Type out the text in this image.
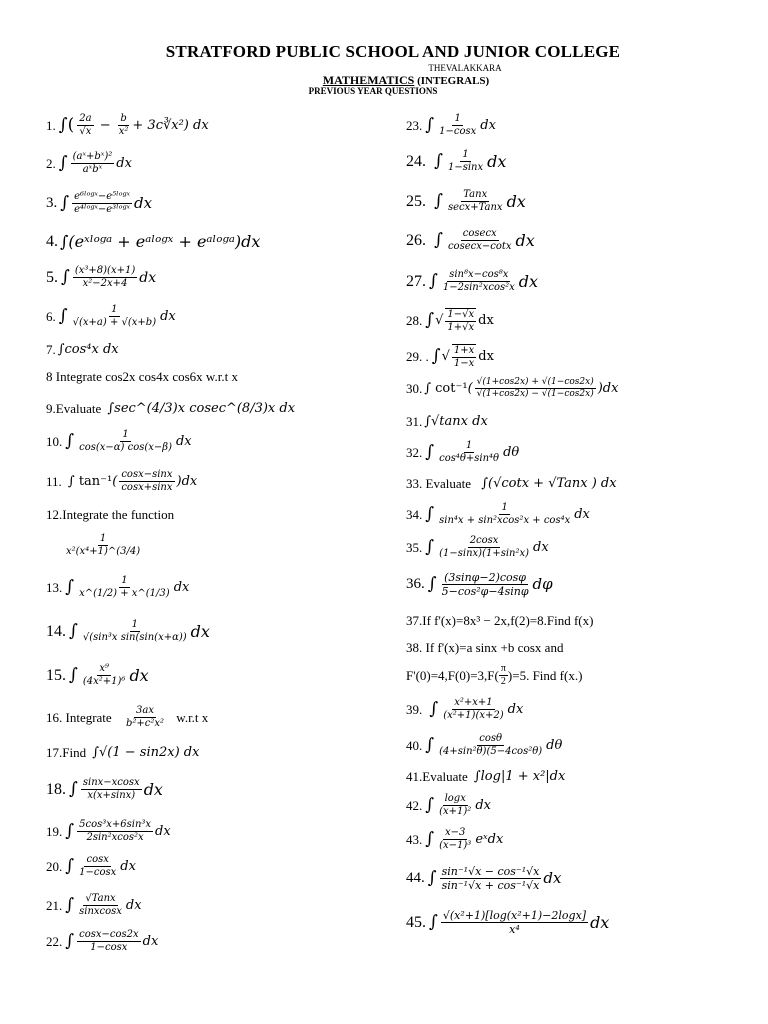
STRATFORD PUBLIC SCHOOL AND JUNIOR COLLEGE
THEVALAKKARA
MATHEMATICS (INTEGRALS)
PREVIOUS YEAR QUESTIONS
1. ∫( $\frac{2a}{√x} - \frac{b}{\text{x²}}$ + 3c∛x²) dx
2. ∫ $\frac{\text{(aˣ+bˣ)²}}{\text{aˣbˣ}}$ dx
3. ∫ $\frac{\text{e⁶ˡᵒᵍˣ−e⁵ˡᵒᵍˣ}}{\text{e⁴ˡᵒᵍˣ−e³ˡᵒᵍˣ}}$ dx
4. ∫(eˣˡᵒᵍᵃ + eᵃˡᵒᵍˣ + eᵃˡᵒᵍᵃ)dx
5. ∫ $\frac{\text{(x³+8)(x+1)}}{\text{x²−2x+4}}$ dx
6. ∫ $\frac{1}{√(x+a) + √(x+b)}$ dx
7. ∫cos⁴x dx
8 Integrate cos2x cos4x cos6x w.r.t x
9.Evaluate
∫sec^(4/3)x cosec^(8/3)x dx
10. ∫ $\frac{1}{\cos(x-\alpha) \cos(x-\beta)}$ dx
11.
∫ tan⁻¹ ( $\frac{\cos x-\sin x}{\cos x+\sin x}$ ) dx
12.Integrate the function
$\frac{1}{\text{x²(x⁴+1)\textasciicircum{}(3/4)}}$
13. ∫ $\frac{1}{x\^{}(1/2) + x\^{}(1/3)}$ dx
14. ∫ $\frac{1}{\text{√(sin³x sin(sin(x+α))}}$ dx
15. ∫ $\frac{\text{x⁹}}{\text{(4x²+1)⁶}}$ dx
16. Integrate
$\frac{3ax}{\text{b²+c²x²}}$
w.r.t x
17.Find
∫√(1 − sin2x) dx
18. ∫ $\frac{\sin x-xcosx}{x(x+\sin x)}$ dx
19. ∫ $\frac{\text{5cos³x+6sin³x}}{\text{2sin²xcos²x}}$ dx
20. ∫ $\frac{\cos x}{1-\cos x}$ dx
21. ∫ $\frac{\text{√Tanx}}{\text{sinxcosx}}$ dx
22. ∫ $\frac{\cos x-\cos 2x}{1-\cos x}$ dx
23. ∫ $\frac{1}{1-\cos x}$ dx
24.
∫ $\frac{1}{1-\sin x}$ dx
25.
∫ $\frac{\text{Tanx}}{\text{secx+Tanx}}$ dx
26.
∫ $\frac{cosecx}{cosecx-\cot x}$ dx
27. ∫ $\frac{\text{sin⁸x−cos⁸x}}{\text{1−2sin²xcos²x}}$ dx
28. ∫ √ $\frac{1-√x}{1+√x}$ dx
29. . ∫ √ $\frac{1+x}{1-x}$ dx
30. ∫ cot⁻¹ ( $\frac{√(1+\cos 2x) + √(1-\cos 2x)}{√(1+\cos 2x) - √(1-\cos 2x)}$ ) dx
31. ∫√tanx dx
32. ∫ $\frac{1}{\text{cos⁴θ+sin⁴θ}}$ dθ
33. Evaluate
∫(√cotx + √Tanx ) dx
34. ∫ $\frac{1}{\text{sin⁴x + sin²xcos²x + cos⁴x}}$ dx
35. ∫ $\frac{2\cos x}{\text{(1−sinx)(1+sin²x)}}$ dx
36. ∫ $\frac{(3\sin\varphi-2)\cos\varphi}{\text{5−cos²φ−4sinφ}}$ dφ
37.If f'(x)=8x³ − 2x,f(2)=8.Find f(x)
38. If f'(x)=a sinx +b cosx and
$F'(0)=4,F(0)=3,F( \frac{\pi}{2} )=5$. Find f(x.)
39.
∫ $\frac{\text{x²+x+1}}{\text{(x²+1)(x+2)}}$ dx
40. ∫ $\frac{\cos\theta}{\text{(4+sin²θ)(5−4cos²θ)}}$ dθ
41.Evaluate
∫log|1 + x²|dx
42. ∫ $\frac{\log x}{\text{(x+1)²}}$ dx
43. ∫ $\frac{x-3}{\text{(x−1)³}}$ eˣdx
44. ∫ $\frac{\text{sin⁻¹√x − cos⁻¹√x}}{\text{sin⁻¹√x + cos⁻¹√x}}$ dx
45. ∫ $\frac{\text{√(x²+1)[log(x²+1)−2logx]}}{\text{x⁴}}$ dx
